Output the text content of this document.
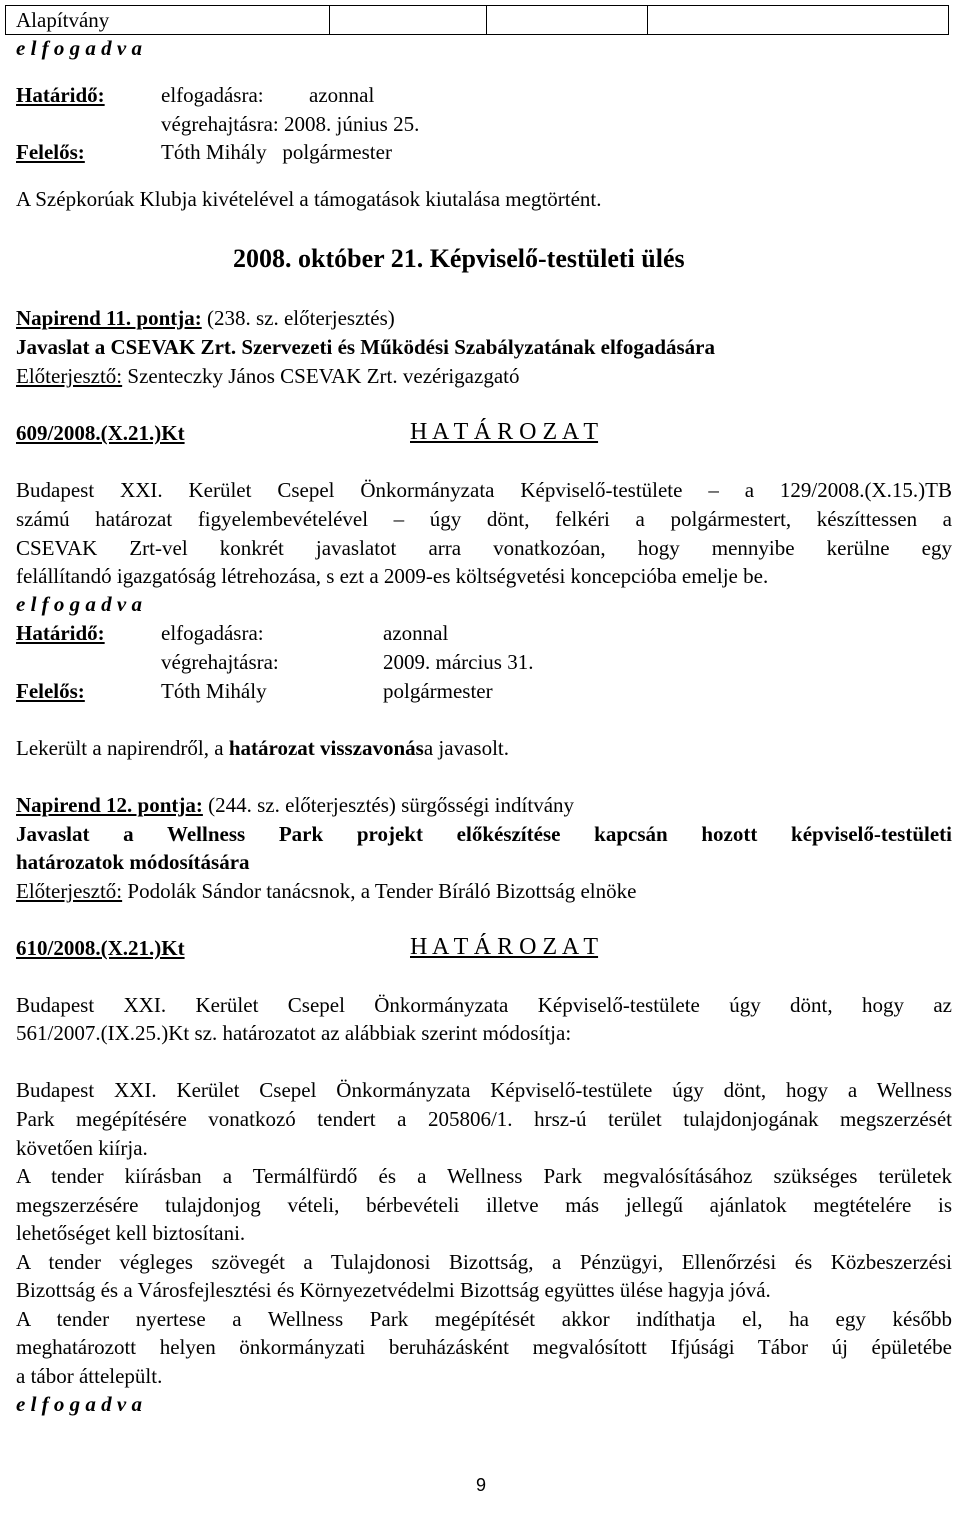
Alapítvány			
e l f o g a d v a
Határidő:	elfogadásra: azonnal
végrehajtásra: 2008. június 25.
Felelős:	Tóth Mihály   polgármester
A Szépkorúak Klubja kivételével a támogatások kiutalása megtörtént.
2008. október 21. Képviselő-testületi ülés
Napirend 11. pontja: (238. sz. előterjesztés)
Javaslat a CSEVAK Zrt. Szervezeti és Működési Szabályzatának elfogadására
Előterjesztő: Szenteczky János CSEVAK Zrt. vezérigazgató
609/2008.(X.21.)Kt	H A T Á R O Z A T
Budapest XXI. Kerület Csepel Önkormányzata Képviselő-testülete – a 129/2008.(X.15.)TB
számú határozat figyelembevételével – úgy dönt, felkéri a polgármestert, készíttessen a
CSEVAK Zrt-vel konkrét javaslatot arra vonatkozóan, hogy mennyibe kerülne egy
felállítandó igazgatóság létrehozása, s ezt a 2009-es költségvetési koncepcióba emelje be.
e l f o g a d v a
Határidő:	elfogadásra:	azonnal
végrehajtásra:	2009. március 31.
Felelős:	Tóth Mihály	polgármester
Lekerült a napirendről, a határozat visszavonása javasolt.
Napirend 12. pontja: (244. sz. előterjesztés) sürgősségi indítvány
Javaslat a Wellness Park projekt előkészítése kapcsán hozott képviselő-testületi
határozatok módosítására
Előterjesztő: Podolák Sándor tanácsnok, a Tender Bíráló Bizottság elnöke
610/2008.(X.21.)Kt	H A T Á R O Z A T
Budapest XXI. Kerület Csepel Önkormányzata Képviselő-testülete úgy dönt, hogy az
561/2007.(IX.25.)Kt sz. határozatot az alábbiak szerint módosítja:
Budapest XXI. Kerület Csepel Önkormányzata Képviselő-testülete úgy dönt, hogy a Wellness
Park megépítésére vonatkozó tendert a 205806/1. hrsz-ú terület tulajdonjogának megszerzését
követően kiírja.
A tender kiírásban a Termálfürdő és a Wellness Park megvalósításához szükséges területek
megszerzésére tulajdonjog vételi, bérbevételi illetve más jellegű ajánlatok megtételére is
lehetőséget kell biztosítani.
A tender végleges szövegét a Tulajdonosi Bizottság, a Pénzügyi, Ellenőrzési és Közbeszerzési
Bizottság és a Városfejlesztési és Környezetvédelmi Bizottság együttes ülése hagyja jóvá.
A tender nyertese a Wellness Park megépítését akkor indíthatja el, ha egy később
meghatározott helyen önkormányzati beruházásként megvalósított Ifjúsági Tábor új épületébe
a tábor áttelepült.
e l f o g a d v a
9
